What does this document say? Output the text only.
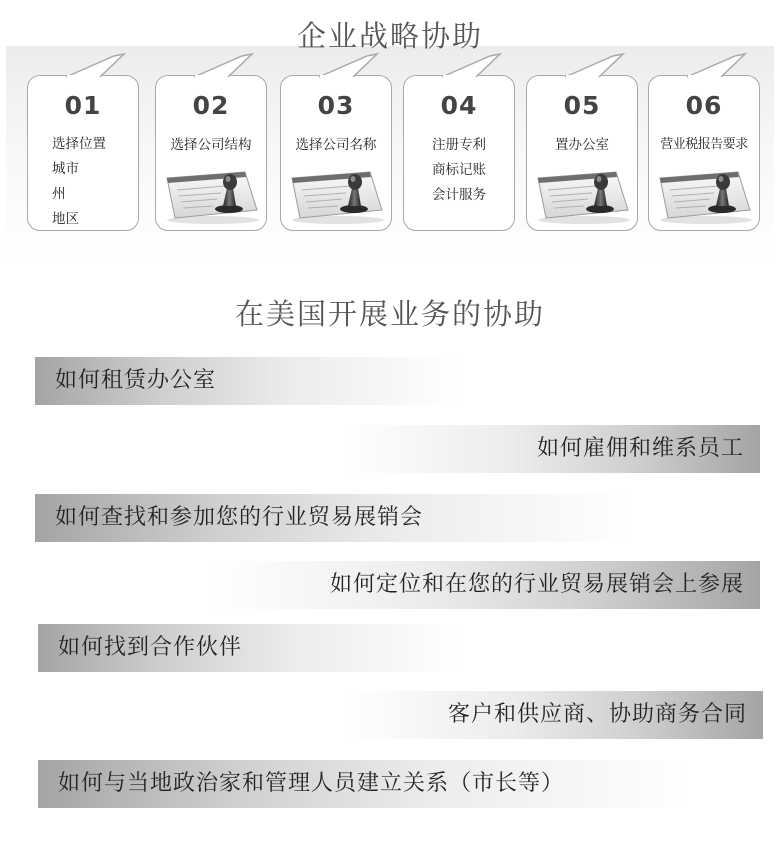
企业战略协助
01
选择位置
城市
州
地区
02
选择公司结构
03
选择公司名称
04
注册专利
商标记账
会计服务
05
置办公室
06
营业税报告要求
在美国开展业务的协助
如何租赁办公室
如何雇佣和维系员工
如何查找和参加您的行业贸易展销会
如何定位和在您的行业贸易展销会上参展
如何找到合作伙伴
客户和供应商、协助商务合同
如何与当地政治家和管理人员建立关系（市长等）
